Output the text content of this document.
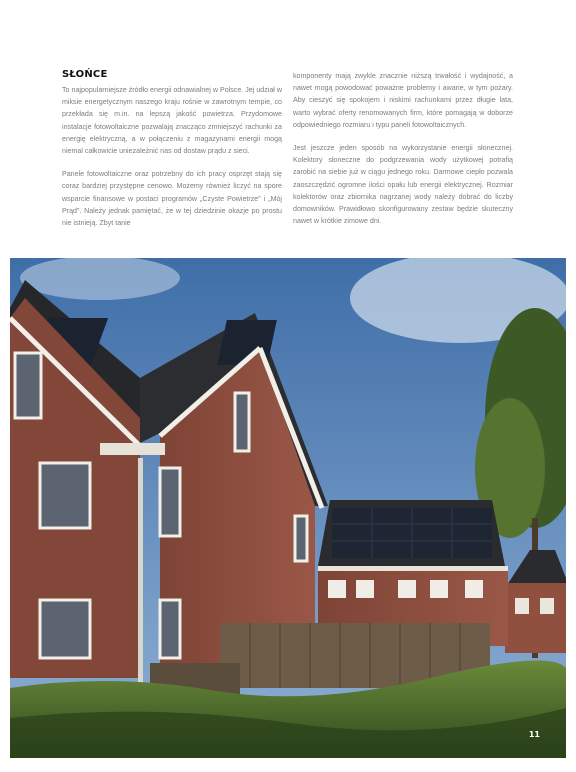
SŁOŃCE

To najpopularniejsze źródło energii odnawialnej w Polsce. Jej udział w miksie energetycznym naszego kraju rośnie w zawrotnym tempie, co przekłada się m.in. na lepszą jakość powietrza. Przydomowe instalacje fotowoltaiczne pozwalają znacząco zmniejszyć rachunki za energię elektryczną, a w połączeniu z magazynami energii mogą niemal całkowicie uniezależnić nas od dostaw prądu z sieci.

Panele fotowoltaiczne oraz potrzebny do ich pracy osprzęt stają się coraz bardziej przystępne cenowo. Możemy również liczyć na spore wsparcie finansowe w postaci programów „Czyste Powietrze” i „Mój Prąd”. Należy jednak pamiętać, że w tej dziedzinie okazje po prostu nie istnieją. Zbyt tanie

komponenty mają zwykle znacznie niższą trwałość i wydajność, a nawet mogą powodować poważne problemy i awarie, w tym pożary. Aby cieszyć się spokojem i niskimi rachunkami przez długie lata, warto wybrać oferty renomowanych firm, które pomagają w doborze odpowiedniego rozmiaru i typu paneli fotowoltaicznych.

Jest jeszcze jeden sposób na wykorzystanie energii słonecznej. Kolektory słoneczne do podgrzewania wody użytkowej potrafią zarobić na siebie już w ciągu jednego roku. Darmowe ciepło pozwala zaoszczędzić ogromne ilości opału lub energii elektrycznej. Rozmiar kolektorów oraz zbiornika nagrzanej wody należy dobrać do liczby domowników. Prawidłowo skonfigurowany zestaw będzie skuteczny nawet w krótkie zimowe dni.

11
